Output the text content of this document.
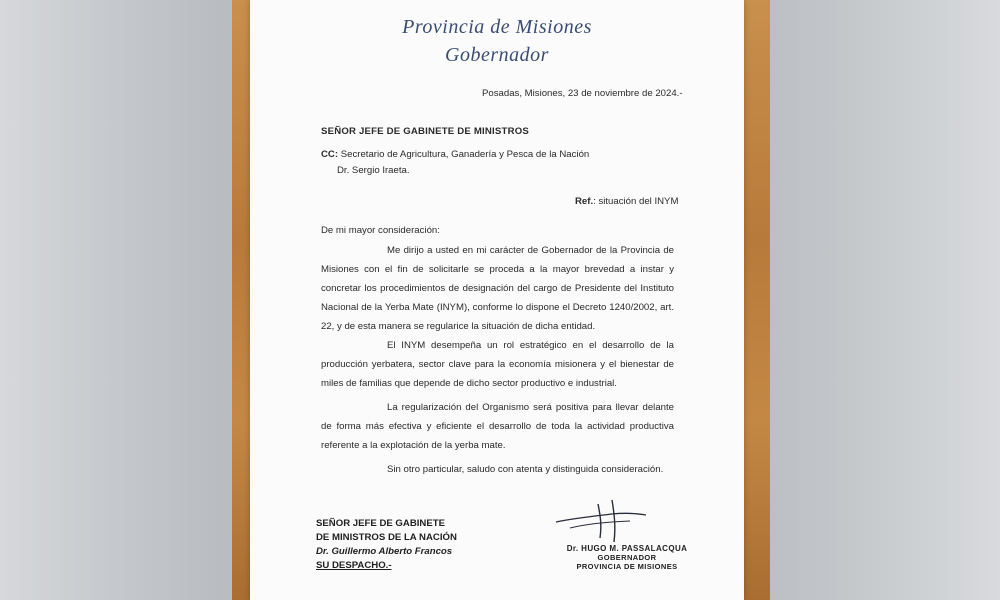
Provincia de Misiones
Gobernador
Posadas, Misiones, 23 de noviembre de 2024.-
SEÑOR JEFE DE GABINETE DE MINISTROS
CC: Secretario de Agricultura, Ganadería y Pesca de la Nación
Dr. Sergio Iraeta.
Ref.: situación del INYM
De mi mayor consideración:
Me dirijo a usted en mi carácter de Gobernador de la Provincia de Misiones con el fin de solicitarle se proceda a la mayor brevedad a instar y concretar los procedimientos de designación del cargo de Presidente del Instituto Nacional de la Yerba Mate (INYM), conforme lo dispone el Decreto 1240/2002, art. 22, y de esta manera se regularice la situación de dicha entidad.
El INYM desempeña un rol estratégico en el desarrollo de la producción yerbatera, sector clave para la economía misionera y el bienestar de miles de familias que depende de dicho sector productivo e industrial.
La regularización del Organismo será positiva para llevar delante de forma más efectiva y eficiente el desarrollo de toda la actividad productiva referente a la explotación de la yerba mate.
Sin otro particular, saludo con atenta y distinguida consideración.
SEÑOR JEFE DE GABINETE
DE MINISTROS DE LA NACIÓN
Dr. Guillermo Alberto Francos
SU DESPACHO.-
Dr. HUGO M. PASSALACQUA
GOBERNADOR
PROVINCIA DE MISIONES
